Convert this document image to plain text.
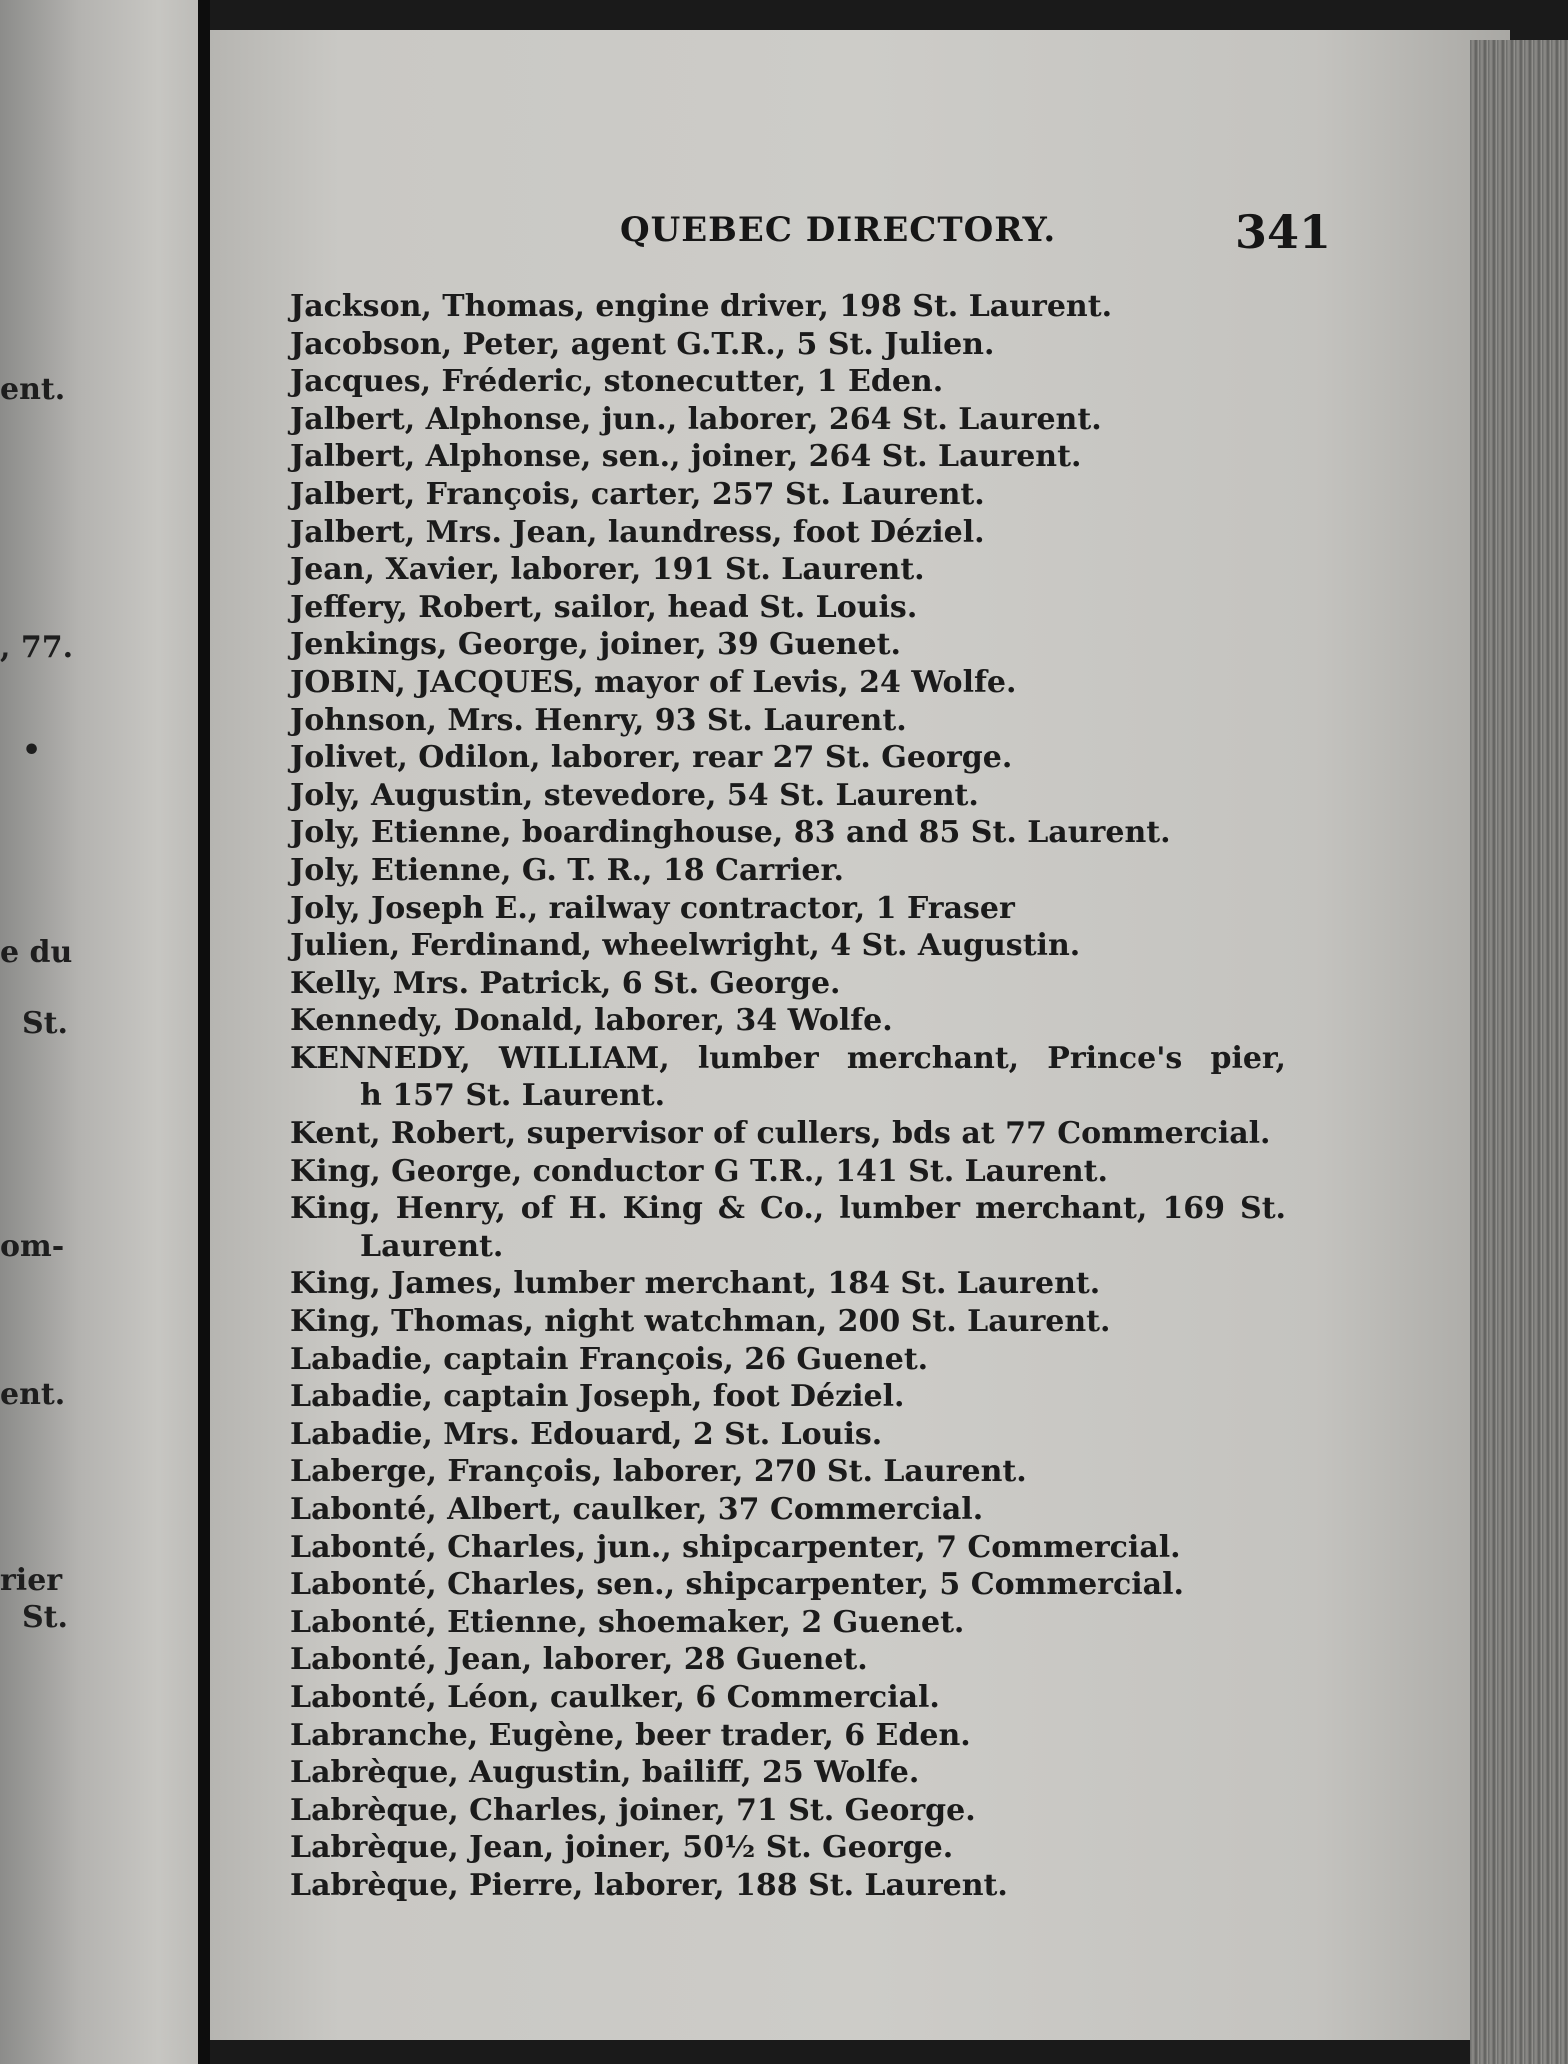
ent.
, 77.
•
e du
St.
om-
ent.
rier
St.
QUEBEC DIRECTORY.	341
Jackson, Thomas, engine driver, 198 St. Laurent.
Jacobson, Peter, agent G.T.R., 5 St. Julien.
Jacques, Fréderic, stonecutter, 1 Eden.
Jalbert, Alphonse, jun., laborer, 264 St. Laurent.
Jalbert, Alphonse, sen., joiner, 264 St. Laurent.
Jalbert, François, carter, 257 St. Laurent.
Jalbert, Mrs. Jean, laundress, foot Déziel.
Jean, Xavier, laborer, 191 St. Laurent.
Jeffery, Robert, sailor, head St. Louis.
Jenkings, George, joiner, 39 Guenet.
JOBIN, JACQUES, mayor of Levis, 24 Wolfe.
Johnson, Mrs. Henry, 93 St. Laurent.
Jolivet, Odilon, laborer, rear 27 St. George.
Joly, Augustin, stevedore, 54 St. Laurent.
Joly, Etienne, boardinghouse, 83 and 85 St. Laurent.
Joly, Etienne, G. T. R., 18 Carrier.
Joly, Joseph E., railway contractor, 1 Fraser
Julien, Ferdinand, wheelwright, 4 St. Augustin.
Kelly, Mrs. Patrick, 6 St. George.
Kennedy, Donald, laborer, 34 Wolfe.
KENNEDY, WILLIAM, lumber merchant, Prince's pier,
h 157 St. Laurent.
Kent, Robert, supervisor of cullers, bds at 77 Commercial.
King, George, conductor G T.R., 141 St. Laurent.
King, Henry, of H. King & Co., lumber merchant, 169 St.
Laurent.
King, James, lumber merchant, 184 St. Laurent.
King, Thomas, night watchman, 200 St. Laurent.
Labadie, captain François, 26 Guenet.
Labadie, captain Joseph, foot Déziel.
Labadie, Mrs. Edouard, 2 St. Louis.
Laberge, François, laborer, 270 St. Laurent.
Labonté, Albert, caulker, 37 Commercial.
Labonté, Charles, jun., shipcarpenter, 7 Commercial.
Labonté, Charles, sen., shipcarpenter, 5 Commercial.
Labonté, Etienne, shoemaker, 2 Guenet.
Labonté, Jean, laborer, 28 Guenet.
Labonté, Léon, caulker, 6 Commercial.
Labranche, Eugène, beer trader, 6 Eden.
Labrèque, Augustin, bailiff, 25 Wolfe.
Labrèque, Charles, joiner, 71 St. George.
Labrèque, Jean, joiner, 50½ St. George.
Labrèque, Pierre, laborer, 188 St. Laurent.
